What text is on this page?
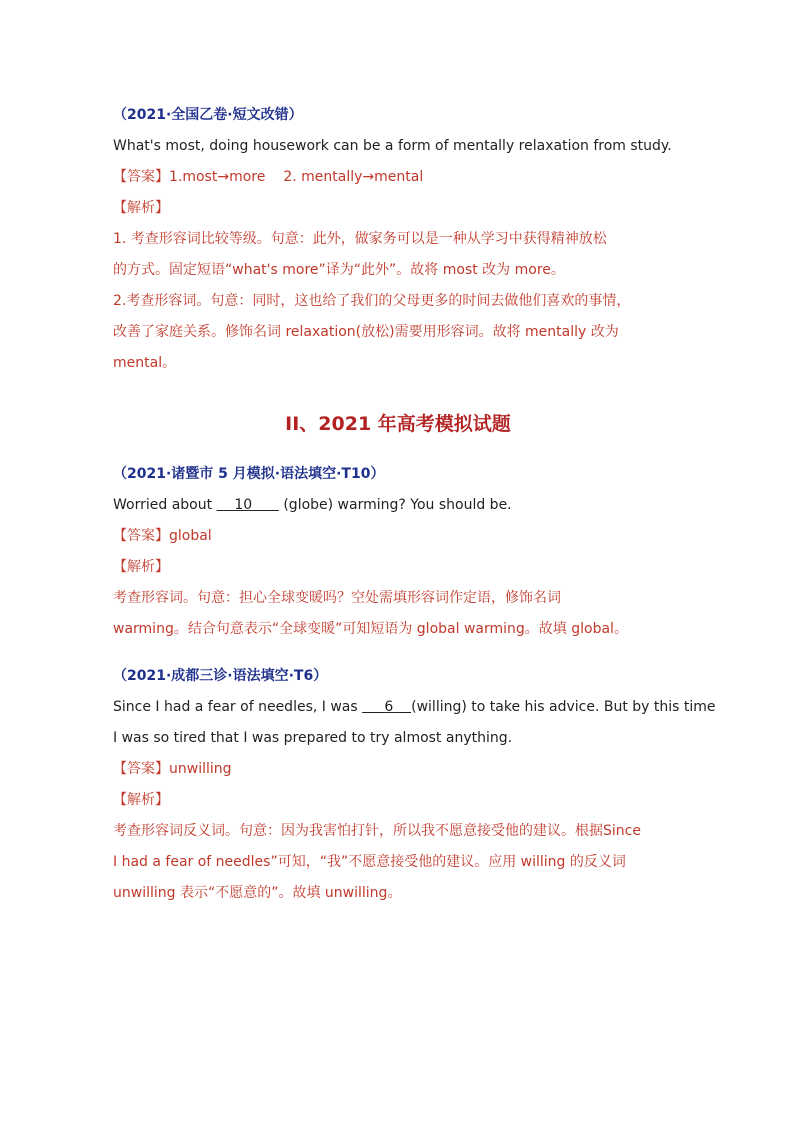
（2021·全国乙卷·短文改错）
What's most, doing housework can be a form of mentally relaxation from study.
【答案】1.most→more 2. mentally→mental
【解析】
1. 考查形容词比较等级。句意：此外，做家务可以是一种从学习中获得精神放松
的方式。固定短语“what's more”译为“此外”。故将 most 改为 more。
2.考查形容词。句意：同时，这也给了我们的父母更多的时间去做他们喜欢的事情，
改善了家庭关系。修饰名词 relaxation(放松)需要用形容词。故将 mentally 改为
mental。
II、2021 年高考模拟试题
（2021·诸暨市 5 月模拟·语法填空·T10）
Worried about     10       (globe) warming? You should be.
【答案】global
【解析】
考查形容词。句意：担心全球变暖吗？空处需填形容词作定语，修饰名词
warming。结合句意表示“全球变暖”可知短语为 global warming。故填 global。
（2021·成都三诊·语法填空·T6）
Since I had a fear of needles, I was      6 (willing) to take his advice. But by this time
I was so tired that I was prepared to try almost anything.
【答案】unwilling
【解析】
考查形容词反义词。句意：因为我害怕打针，所以我不愿意接受他的建议。根据Since
I had a fear of needles”可知，“我”不愿意接受他的建议。应用 willing 的反义词
unwilling 表示“不愿意的”。故填 unwilling。
